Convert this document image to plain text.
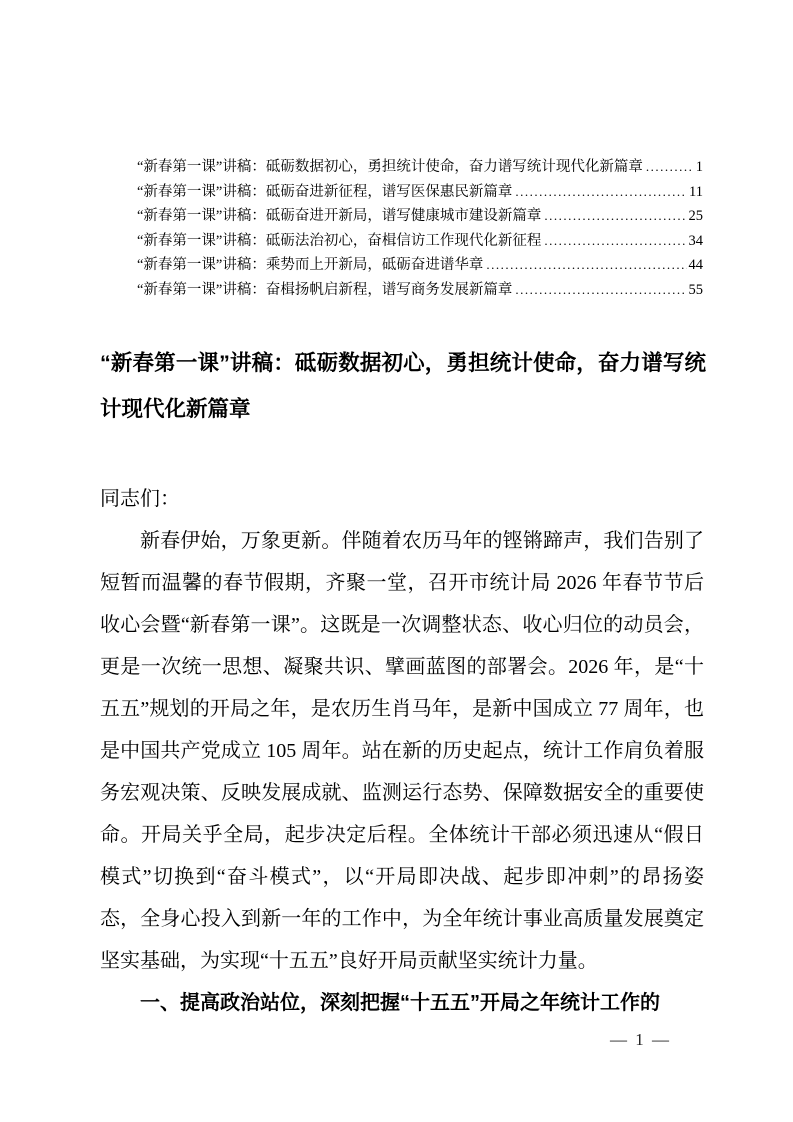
“新春第一课”讲稿：砥砺数据初心，勇担统计使命，奋力谱写统计现代化新篇章 .....	1
“新春第一课”讲稿：砥砺奋进新征程，谱写医保惠民新篇章 .....	11
“新春第一课”讲稿：砥砺奋进开新局，谱写健康城市建设新篇章 .....	25
“新春第一课”讲稿：砥砺法治初心，奋楫信访工作现代化新征程 .....	34
“新春第一课”讲稿：乘势而上开新局，砥砺奋进谱华章 .....	44
“新春第一课”讲稿：奋楫扬帆启新程，谱写商务发展新篇章 .....	55
“新春第一课”讲稿：砥砺数据初心，勇担统计使命，奋力谱写统计现代化新篇章

同志们：

新春伊始，万象更新。伴随着农历马年的铿锵蹄声，我们告别了短暂而温馨的春节假期，齐聚一堂，召开市统计局 2026 年春节节后收心会暨“新春第一课”。这既是一次调整状态、收心归位的动员会，更是一次统一思想、凝聚共识、擘画蓝图的部署会。2026 年，是“十五五”规划的开局之年，是农历生肖马年，是新中国成立 77 周年，也是中国共产党成立 105 周年。站在新的历史起点，统计工作肩负着服务宏观决策、反映发展成就、监测运行态势、保障数据安全的重要使命。开局关乎全局，起步决定后程。全体统计干部必须迅速从“假日模式”切换到“奋斗模式”，以“开局即决战、起步即冲刺”的昂扬姿态，全身心投入到新一年的工作中，为全年统计事业高质量发展奠定坚实基础，为实现“十五五”良好开局贡献坚实统计力量。

一、提高政治站位，深刻把握“十五五”开局之年统计工作的

— 1 —
